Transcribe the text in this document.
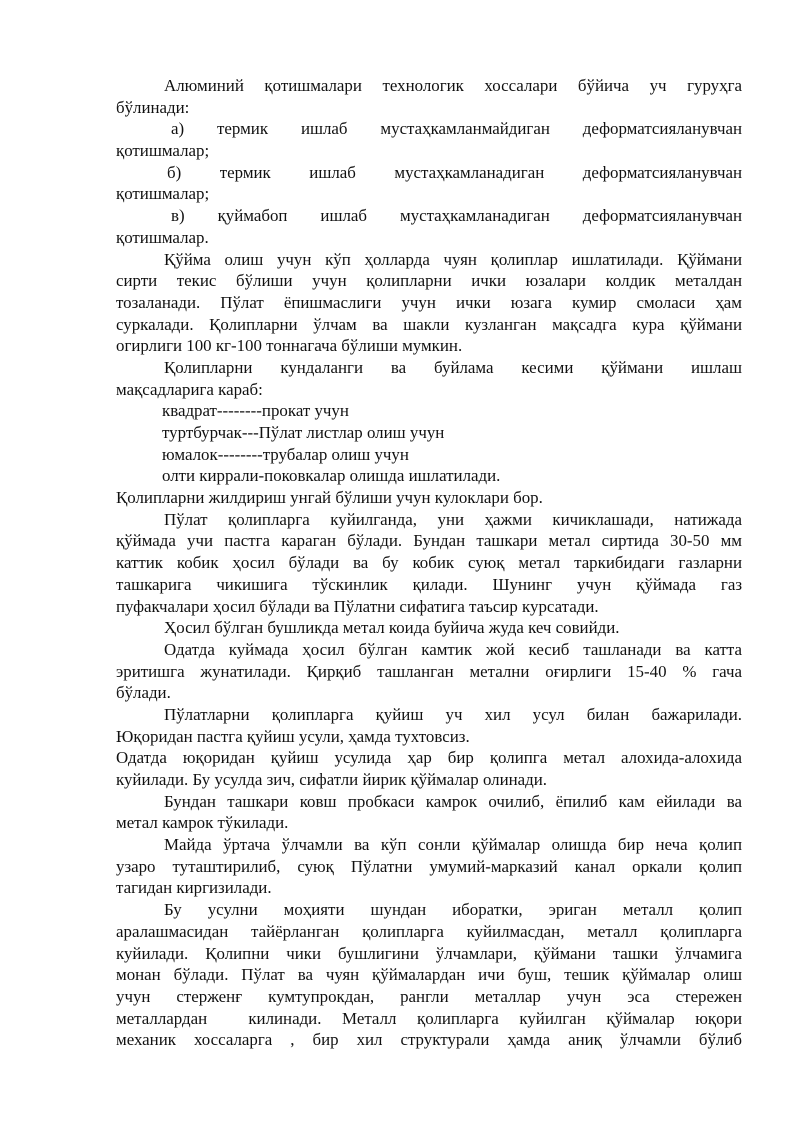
Алюминий қотишмалари технологик хоссалари бўйича уч гуруҳга
бўлинади:
а) термик ишлаб мустаҳкамланмайдиган деформатсияланувчан
қотишмалар;
б) термик ишлаб мустаҳкамланадиган деформатсияланувчан
қотишмалар;
в) қуймабоп ишлаб мустаҳкамланадиган деформатсияланувчан
қотишмалар.
Қўйма олиш учун кўп ҳолларда чуян қолиплар ишлатилади. Қўймани
сирти текис бўлиши учун қолипларни ички юзалари колдик металдан
тозаланади. Пўлат ёпишмаслиги учун ички юзага кумир смоласи ҳам
суркалади. Қолипларни ўлчам ва шакли кузланган мақсадга кура қўймани
огирлиги 100 кг-100 тоннагача бўлиши мумкин.
Қолипларни кундаланги ва буйлама кесими қўймани ишлаш
мақсадларига караб:
квадрат--------прокат учун
туртбурчак---Пўлат листлар олиш учун
юмалок--------трубалар олиш учун
олти киррали-поковкалар олишда ишлатилади.
Қолипларни жилдириш унгай бўлиши учун кулоклари бор.
Пўлат қолипларга куйилганда, уни ҳажми кичиклашади, натижада
қўймада учи пастга караган бўлади. Бундан ташкари метал сиртида 30-50 мм
каттик кобик ҳосил бўлади ва бу кобик суюқ метал таркибидаги газларни
ташкарига чикишига тўскинлик қилади. Шунинг учун қўймада газ
пуфакчалари ҳосил бўлади ва Пўлатни сифатига таъсир курсатади.
Ҳосил бўлган бушликда метал коида буйича жуда кеч совийди.
Одатда куймада ҳосил бўлган камтик жой кесиб ташланади ва катта
эритишга жунатилади. Қирқиб ташланган метални оғирлиги 15-40 % гача
бўлади.
Пўлатларни қолипларга қуйиш уч хил усул билан бажарилади.
Юқоридан пастга қуйиш усули, ҳамда тухтовсиз.
Одатда юқоридан қуйиш усулида ҳар бир қолипга метал алохида-алохида
куйилади. Бу усулда зич, сифатли йирик қўймалар олинади.
Бундан ташкари ковш пробкаси камрок очилиб, ёпилиб кам ейилади ва
метал камрок тўкилади.
Майда ўртача ўлчамли ва кўп сонли қўймалар олишда бир неча қолип
узаро туташтирилиб, суюқ Пўлатни умумий-марказий канал оркали қолип
тагидан киргизилади.
Бу усулни моҳияти шундан иборатки, эриган металл қолип
аралашмасидан тайёрланган қолипларга куйилмасдан, металл қолипларга
куйилади. Қолипни чики бушлигини ўлчамлари, қўймани ташки ўлчамига
монан бўлади. Пўлат ва чуян қўймалардан ичи буш, тешик қўймалар олиш
учун стерженғ кумтупрокдан, рангли металлар учун эса стережен
металлардан  килинади. Металл қолипларга куйилган қўймалар юқори
механик хоссаларга , бир хил структурали ҳамда аниқ ўлчамли бўлиб
